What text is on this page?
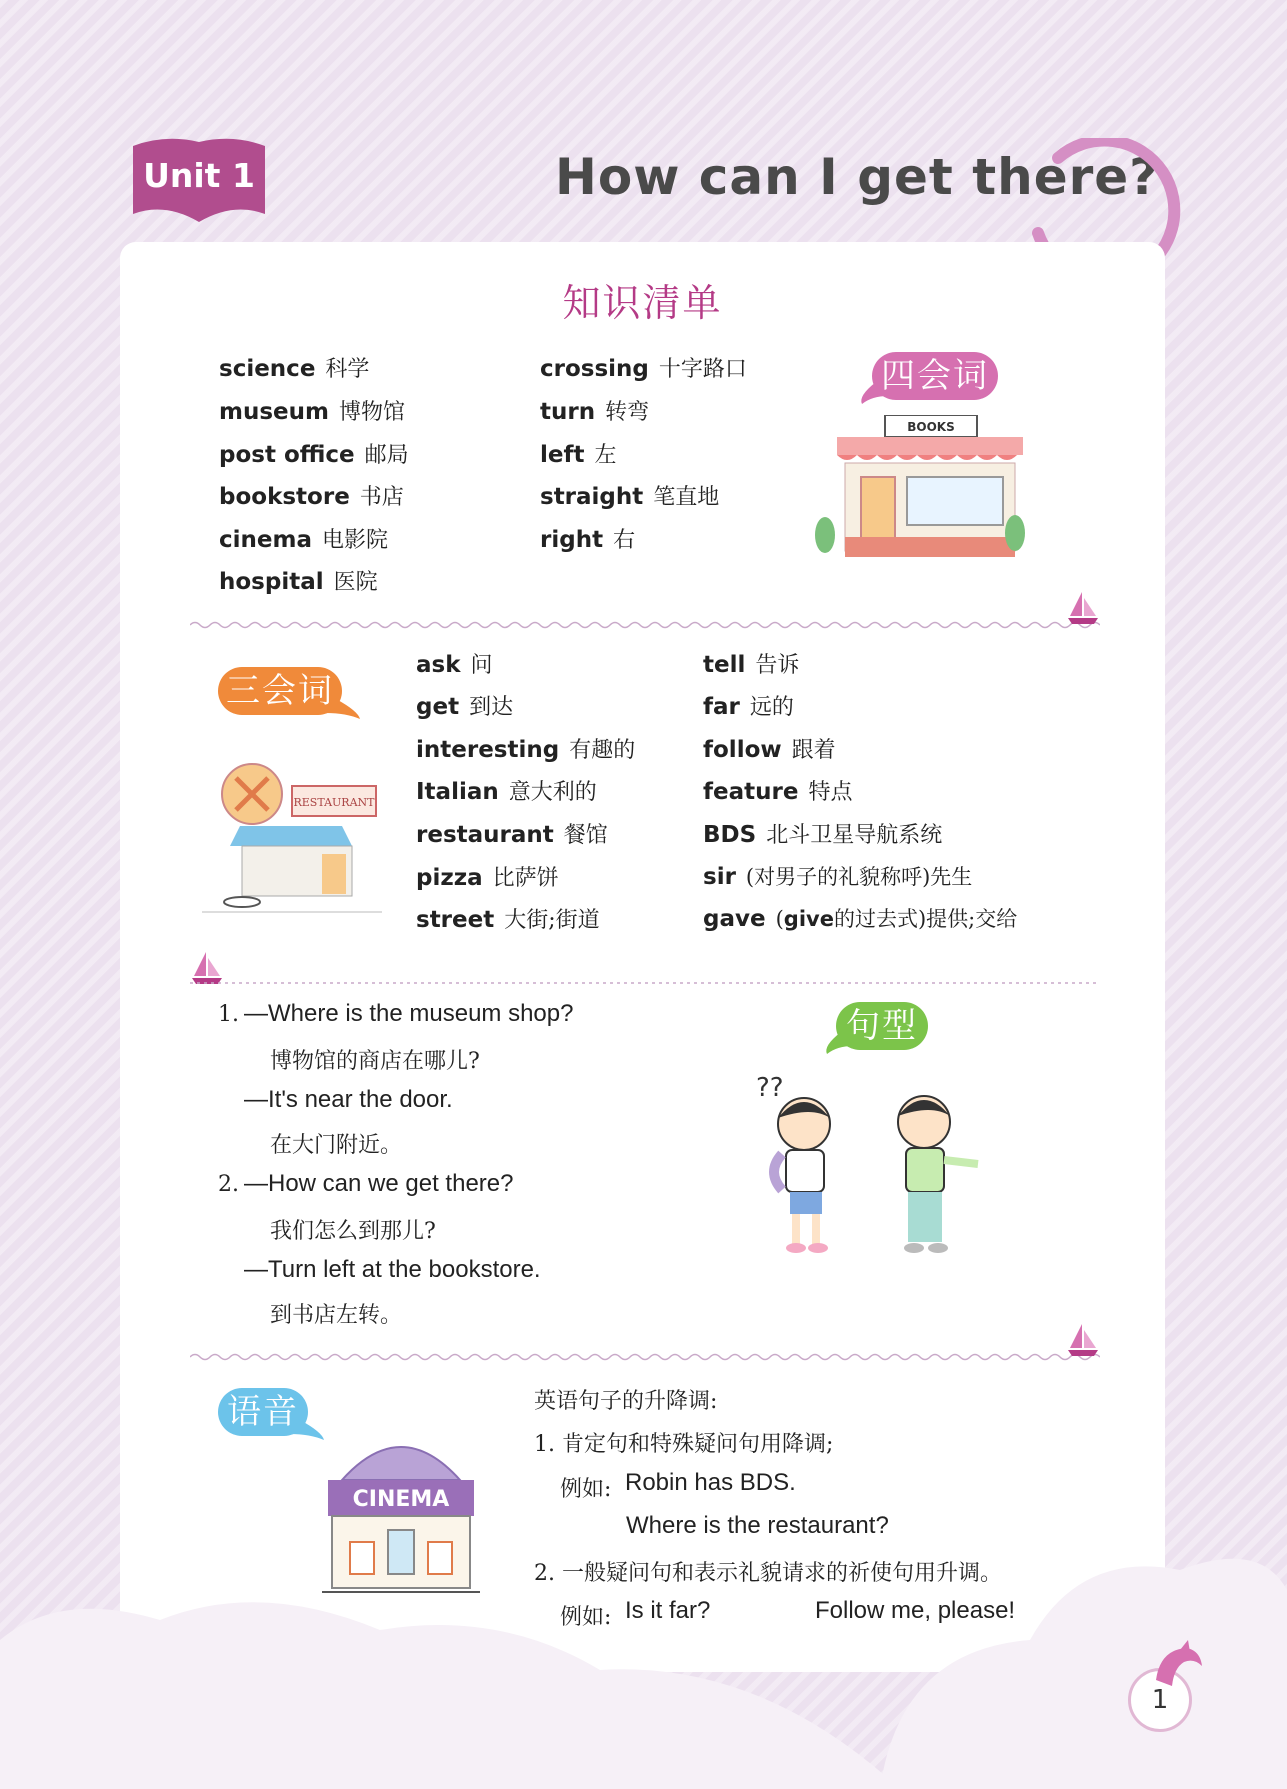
Unit 1	How can I get there?
知识清单
science 科学
museum 博物馆
post office 邮局
bookstore 书店
cinema 电影院
hospital 医院
crossing 十字路口
turn 转弯
left 左
straight 笔直地
right 右
四会词
BOOKS
三会词
RESTAURANT
ask 问
get 到达
interesting 有趣的
Italian 意大利的
restaurant 餐馆
pizza 比萨饼
street 大街;街道
tell 告诉
far 远的
follow 跟着
feature 特点
BDS 北斗卫星导航系统
sir (对男子的礼貌称呼)先生
gave (give的过去式)提供;交给
句型
1. —Where is the museum shop?
博物馆的商店在哪儿?
—It's near the door.
在大门附近。
2. —How can we get there?
我们怎么到那儿?
—Turn left at the bookstore.
到书店左转。
??
语音
CINEMA
英语句子的升降调:
1. 肯定句和特殊疑问句用降调;
例如: Robin has BDS.
Where is the restaurant?
2. 一般疑问句和表示礼貌请求的祈使句用升调。
例如: Is it far?	Follow me, please!
1
